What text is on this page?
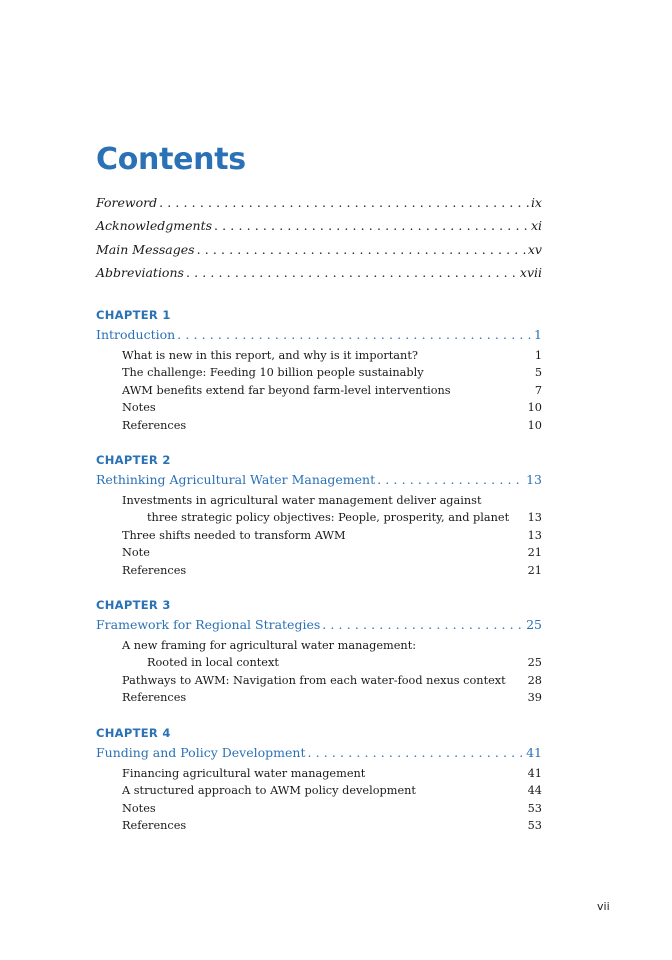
Contents
Foreword . . .	ix
Acknowledgments . . .	xi
Main Messages . . .	xv
Abbreviations . . .	xvii
CHAPTER 1
Introduction . . .	1
What is new in this report, and why is it important?	1
The challenge: Feeding 10 billion people sustainably	5
AWM benefits extend far beyond farm-level interventions	7
Notes	10
References	10
CHAPTER 2
Rethinking Agricultural Water Management . . .	13
Investments in agricultural water management deliver against
three strategic policy objectives: People, prosperity, and planet 13
Three shifts needed to transform AWM	13
Note	21
References	21
CHAPTER 3
Framework for Regional Strategies . . .	25
A new framing for agricultural water management:
Rooted in local context	25
Pathways to AWM: Navigation from each water-food nexus context 28
References	39
CHAPTER 4
Funding and Policy Development . . .	41
Financing agricultural water management	41
A structured approach to AWM policy development	44
Notes	53
References	53
vii
